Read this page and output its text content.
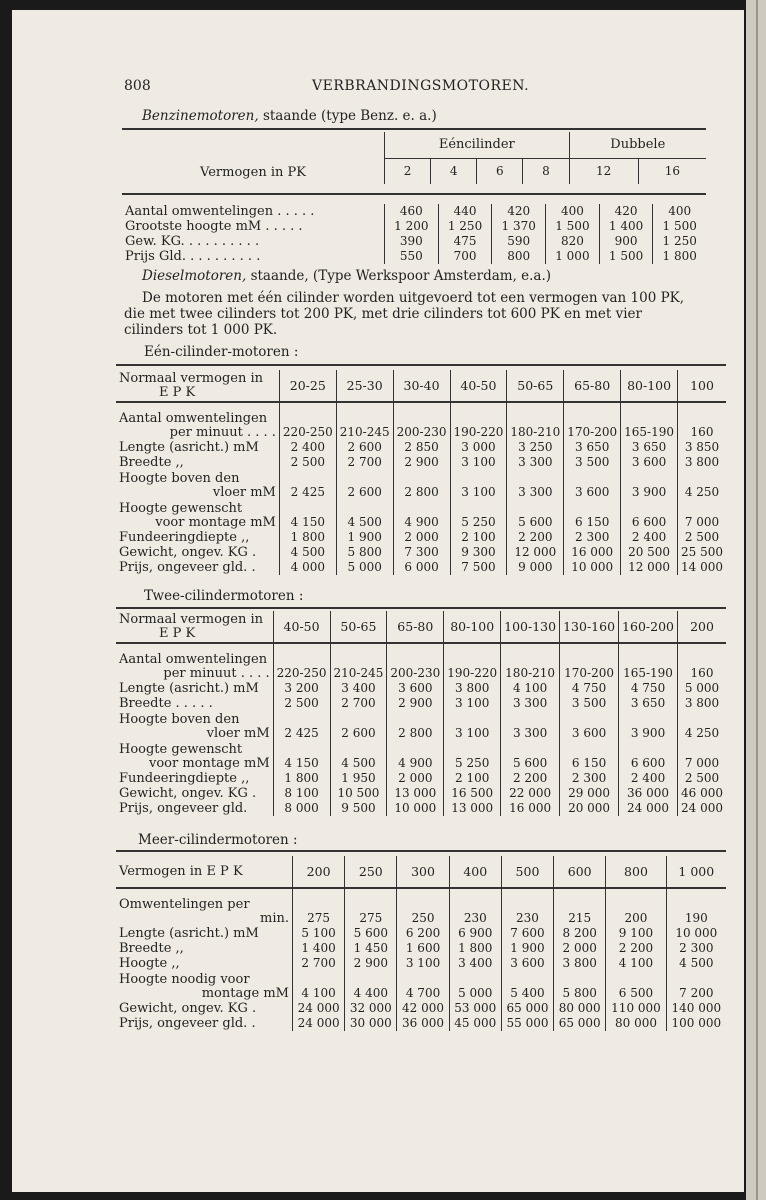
808	VERBRANDINGSMOTOREN.
Benzinemotoren, staande (type Benz. e. a.)
Vermogen in PK	Eéncilinder				Dubbele	
	2	4	6	8	12	16
Aantal omwentelingen . . . . .	460	440	420	400	420	400
Grootste hoogte mM . . . . .	1 200	1 250	1 370	1 500	1 400	1 500
Gew. KG. . . . . . . . . .	390	475	590	820	900	1 250
Prijs Gld. . . . . . . . . .	550	700	800	1 000	1 500	1 800
Dieselmotoren, staande, (Type Werkspoor Amsterdam, e.a.)
De motoren met één cilinder worden uitgevoerd tot een vermogen van 100 PK,
die met twee cilinders tot 200 PK, met drie cilinders tot 600 PK en met vier
cilinders tot 1 000 PK.
Eén-cilinder-motoren :
Normaal vermogen in
E P K	20-25	25-30	30-40	40-50	50-65	65-80	80-100	100

Aantal omwentelingen
per minuut . . . .	220-250	210-245	200-230	190-220	180-210	170-200	165-190	160

Lengte (asricht.) mM	2 400	2 600	2 850	3 000	3 250	3 650	3 650	3 850

Breedte ,,	2 500	2 700	2 900	3 100	3 300	3 500	3 600	3 800

Hoogte boven den
vloer mM	2 425	2 600	2 800	3 100	3 300	3 600	3 900	4 250

Hoogte gewenscht
voor montage mM	4 150	4 500	4 900	5 250	5 600	6 150	6 600	7 000

Fundeeringdiepte ,,	1 800	1 900	2 000	2 100	2 200	2 300	2 400	2 500

Gewicht, ongev. KG .	4 500	5 800	7 300	9 300	12 000	16 000	20 500	25 500

Prijs, ongeveer gld. .	4 000	5 000	6 000	7 500	9 000	10 000	12 000	14 000
Twee-cilindermotoren :
Normaal vermogen in
E P K	40-50	50-65	65-80	80-100	100-130	130-160	160-200	200

Aantal omwentelingen
per minuut . . . .	220-250	210-245	200-230	190-220	180-210	170-200	165-190	160

Lengte (asricht.) mM	3 200	3 400	3 600	3 800	4 100	4 750	4 750	5 000

Breedte . . . . .	2 500	2 700	2 900	3 100	3 300	3 500	3 650	3 800

Hoogte boven den
vloer mM	2 425	2 600	2 800	3 100	3 300	3 600	3 900	4 250

Hoogte gewenscht
voor montage mM	4 150	4 500	4 900	5 250	5 600	6 150	6 600	7 000

Fundeeringdiepte ,,	1 800	1 950	2 000	2 100	2 200	2 300	2 400	2 500

Gewicht, ongev. KG .	8 100	10 500	13 000	16 500	22 000	29 000	36 000	46 000

Prijs, ongeveer gld.	8 000	9 500	10 000	13 000	16 000	20 000	24 000	24 000
Meer-cilindermotoren :
Vermogen in E P K	200	250	300	400	500	600	800	1 000

Omwentelingen per
min.	275	275	250	230	230	215	200	190

Lengte (asricht.) mM	5 100	5 600	6 200	6 900	7 600	8 200	9 100	10 000

Breedte ,,	1 400	1 450	1 600	1 800	1 900	2 000	2 200	2 300

Hoogte ,,	2 700	2 900	3 100	3 400	3 600	3 800	4 100	4 500

Hoogte noodig voor
montage mM	4 100	4 400	4 700	5 000	5 400	5 800	6 500	7 200

Gewicht, ongev. KG .	24 000	32 000	42 000	53 000	65 000	80 000	110 000	140 000

Prijs, ongeveer gld. .	24 000	30 000	36 000	45 000	55 000	65 000	80 000	100 000
